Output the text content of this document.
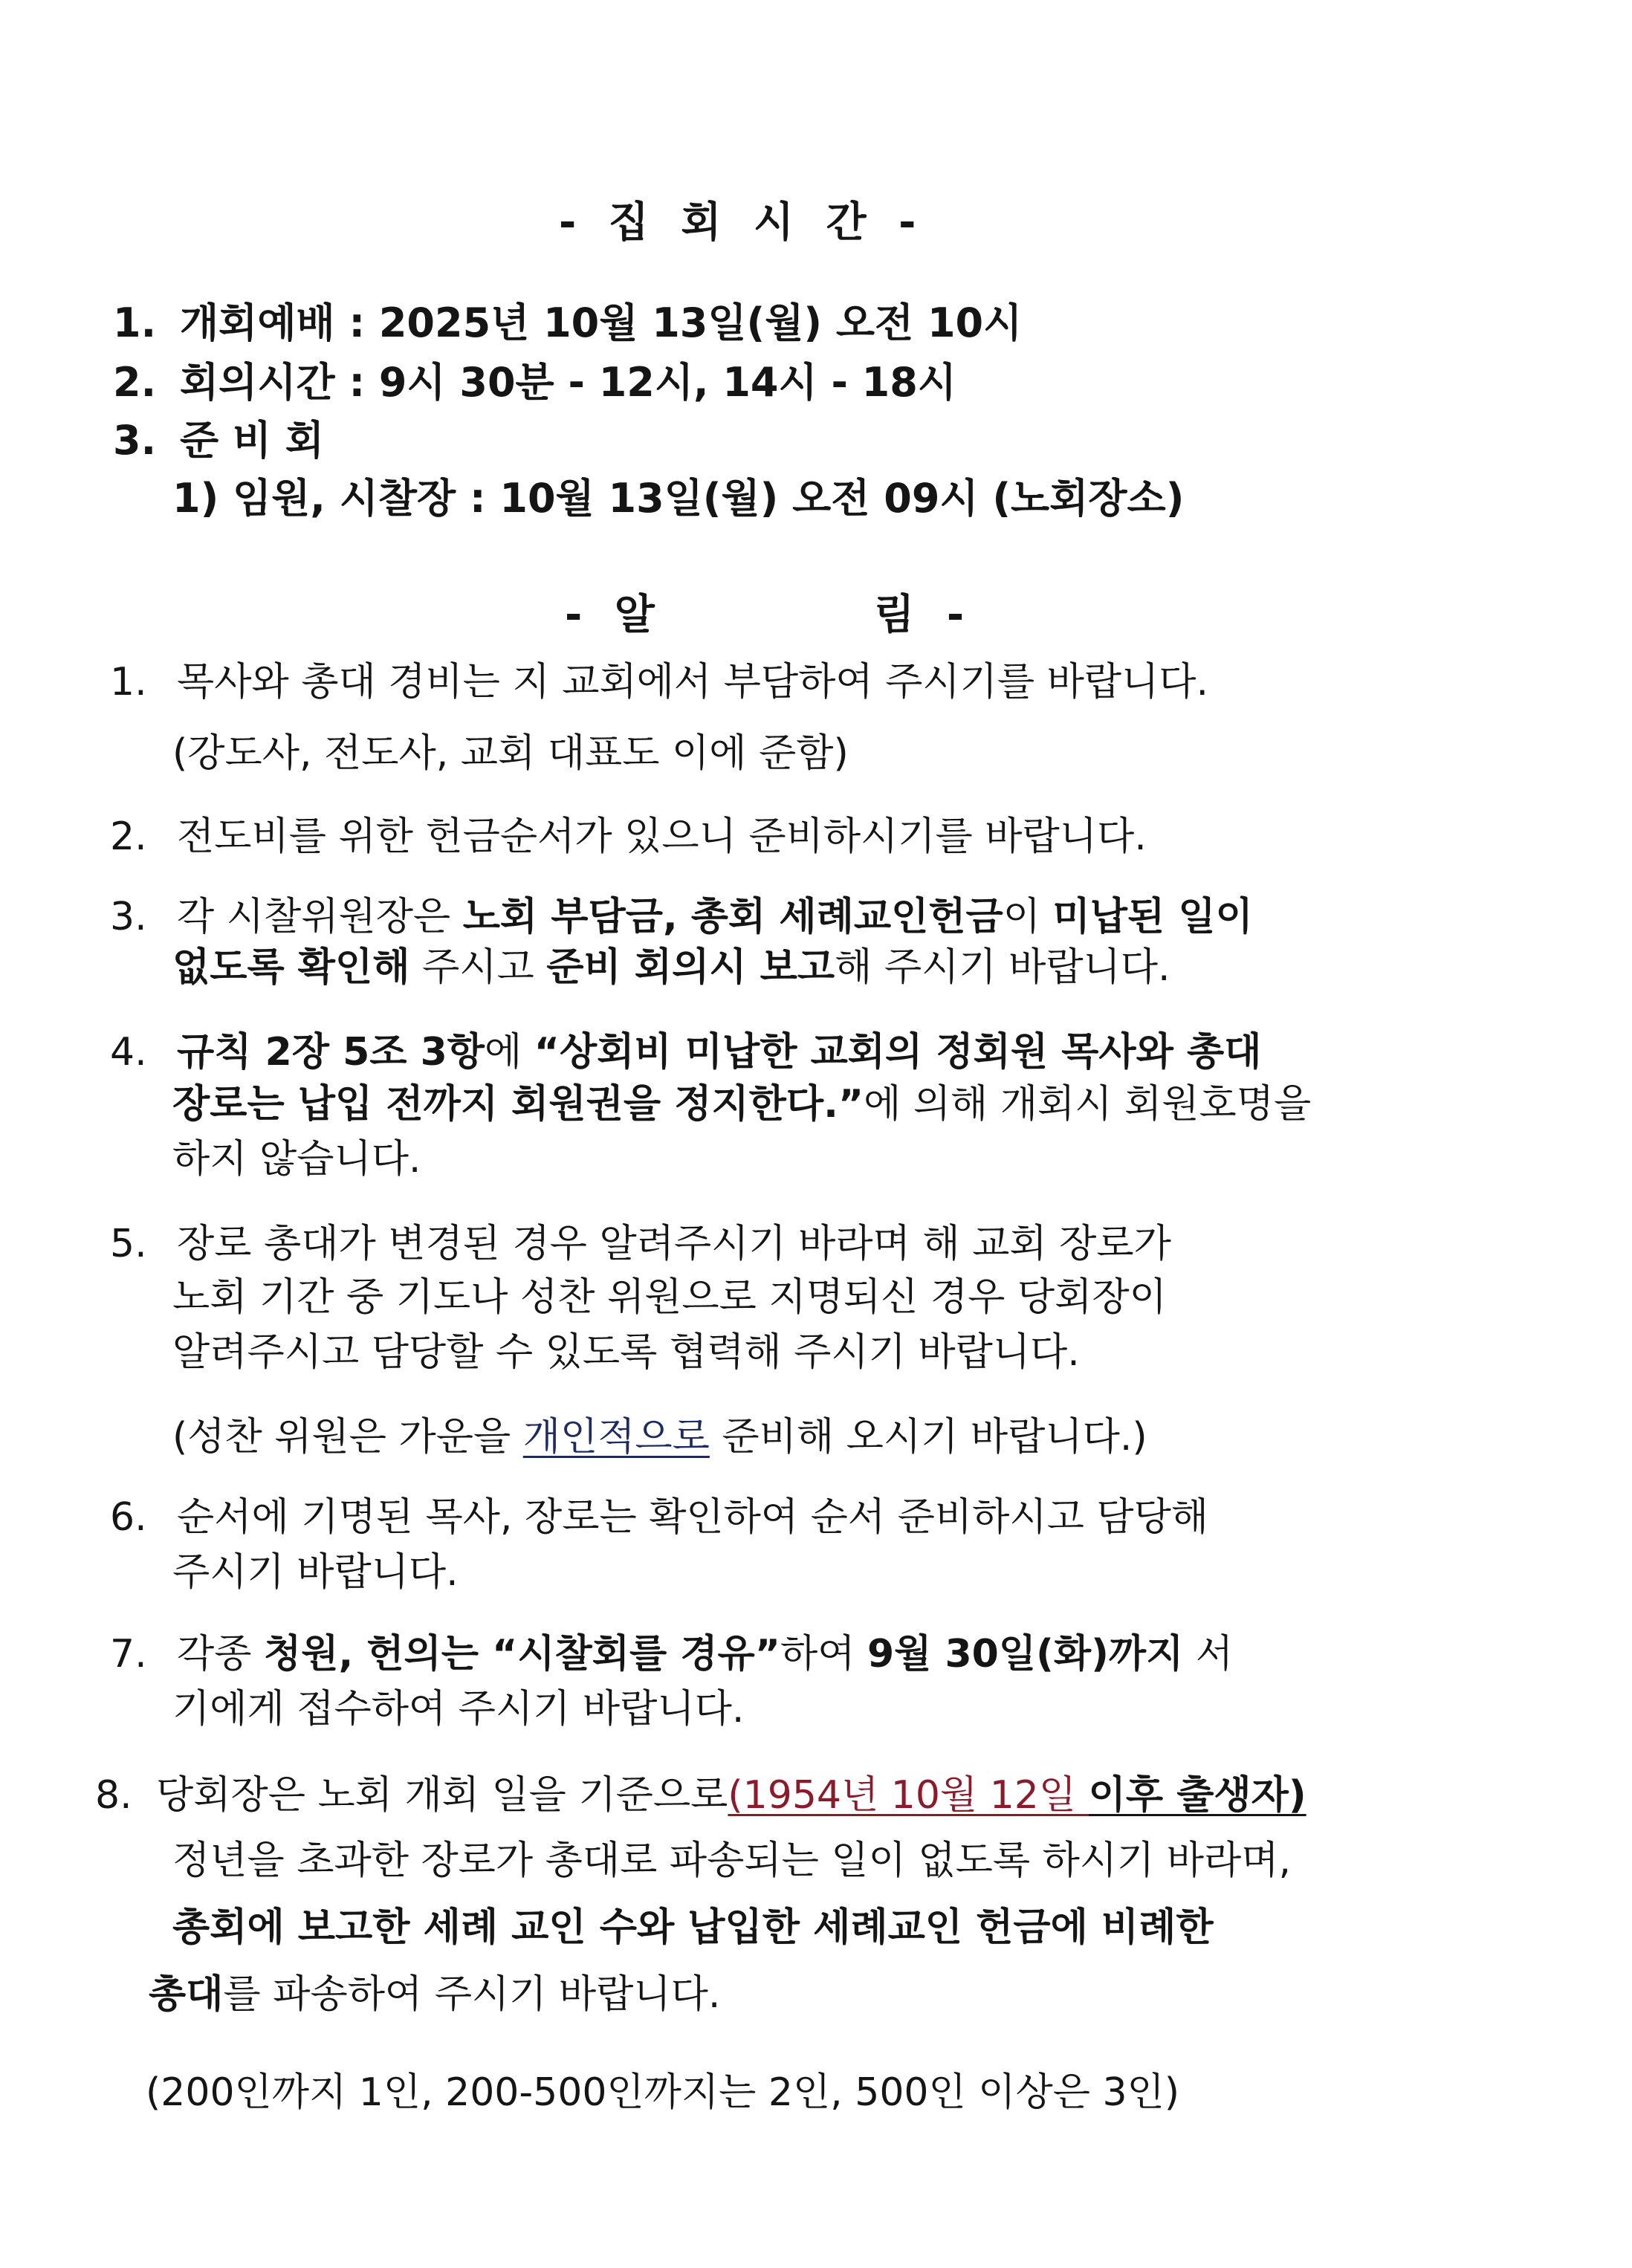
- 집 회 시 간 -
1. 개회예배 : 2025년 10월 13일(월) 오전 10시
2. 회의시간 : 9시 30분 - 12시, 14시 - 18시
3. 준 비 회
1) 임원, 시찰장 : 10월 13일(월) 오전 09시 (노회장소)
- 알         림 -
1. 목사와 총대 경비는 지 교회에서 부담하여 주시기를 바랍니다.
(강도사, 전도사, 교회 대표도 이에 준함)
2. 전도비를 위한 헌금순서가 있으니 준비하시기를 바랍니다.
3. 각 시찰위원장은 노회 부담금, 총회 세례교인헌금이 미납된 일이
없도록 확인해 주시고 준비 회의시 보고해 주시기 바랍니다.
4. 규칙 2장 5조 3항에 “상회비 미납한 교회의 정회원 목사와 총대
장로는 납입 전까지 회원권을 정지한다.”에 의해 개회시 회원호명을
하지 않습니다.
5. 장로 총대가 변경된 경우 알려주시기 바라며 해 교회 장로가
노회 기간 중 기도나 성찬 위원으로 지명되신 경우 당회장이
알려주시고 담당할 수 있도록 협력해 주시기 바랍니다.
(성찬 위원은 가운을 개인적으로 준비해 오시기 바랍니다.)
6. 순서에 기명된 목사, 장로는 확인하여 순서 준비하시고 담당해
주시기 바랍니다.
7. 각종 청원, 헌의는 “시찰회를 경유”하여 9월 30일(화)까지 서
기에게 접수하여 주시기 바랍니다.
8. 당회장은 노회 개회 일을 기준으로(1954년 10월 12일 이후 출생자)
정년을 초과한 장로가 총대로 파송되는 일이 없도록 하시기 바라며,
총회에 보고한 세례 교인 수와 납입한 세례교인 헌금에 비례한
총대를 파송하여 주시기 바랍니다.
(200인까지 1인, 200-500인까지는 2인, 500인 이상은 3인)
